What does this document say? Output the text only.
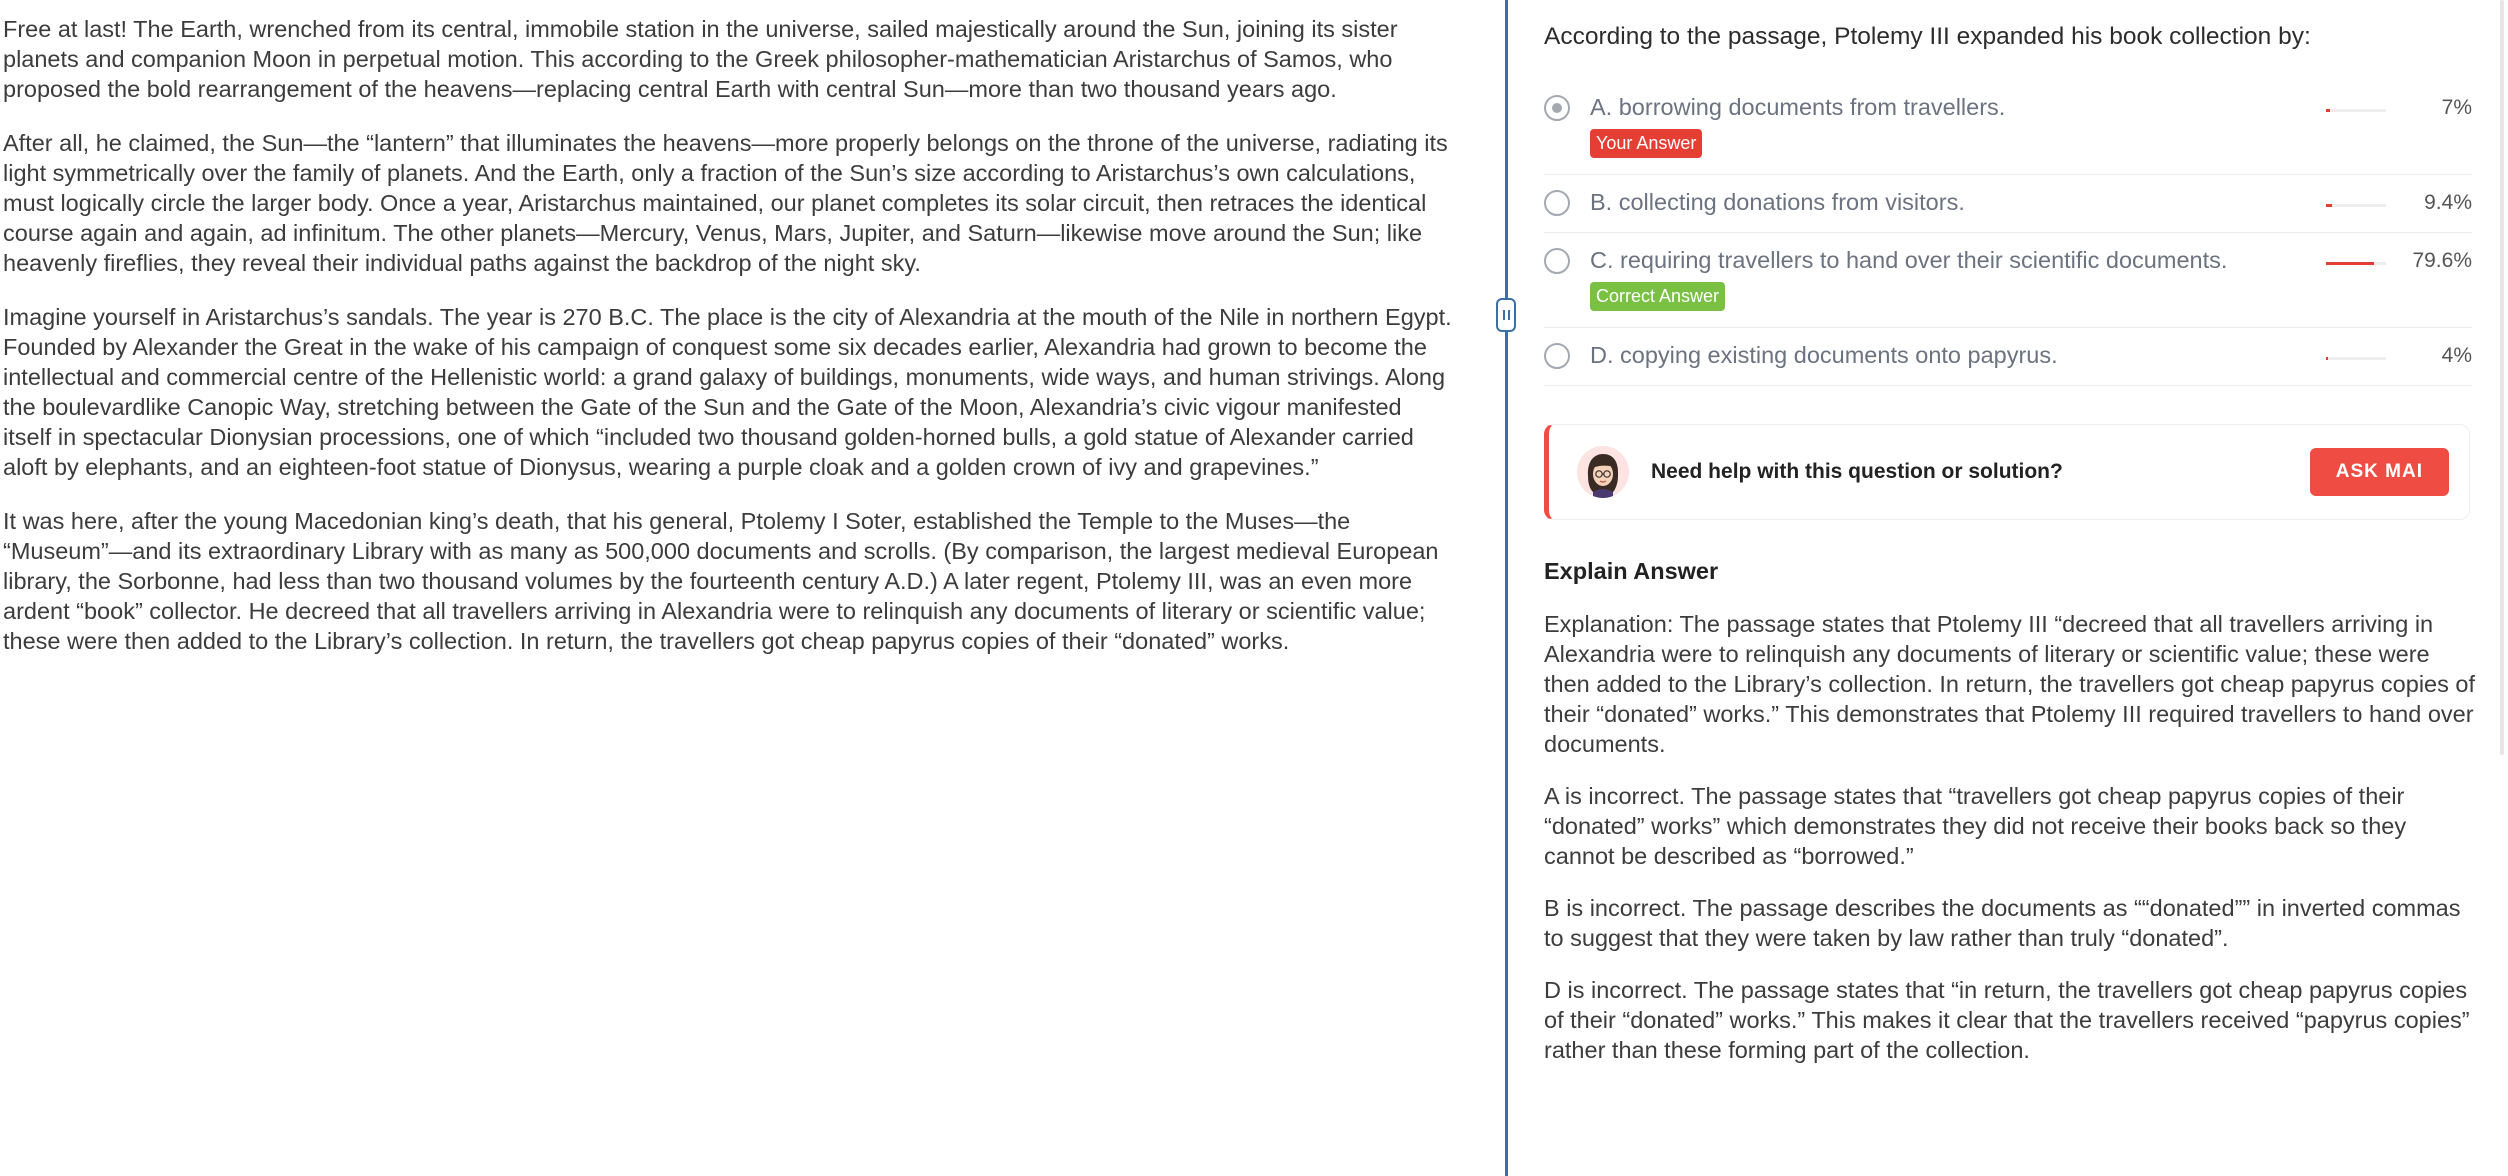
Free at last! The Earth, wrenched from its central, immobile station in the universe, sailed majestically around the Sun, joining its sister planets and companion Moon in perpetual motion. This according to the Greek philosopher-mathematician Aristarchus of Samos, who proposed the bold rearrangement of the heavens—replacing central Earth with central Sun—more than two thousand years ago.

After all, he claimed, the Sun—the “lantern” that illuminates the heavens—more properly belongs on the throne of the universe, radiating its light symmetrically over the family of planets. And the Earth, only a fraction of the Sun’s size according to Aristarchus’s own calculations, must logically circle the larger body. Once a year, Aristarchus maintained, our planet completes its solar circuit, then retraces the identical course again and again, ad infinitum. The other planets—Mercury, Venus, Mars, Jupiter, and Saturn—likewise move around the Sun; like heavenly fireflies, they reveal their individual paths against the backdrop of the night sky.

Imagine yourself in Aristarchus’s sandals. The year is 270 B.C. The place is the city of Alexandria at the mouth of the Nile in northern Egypt. Founded by Alexander the Great in the wake of his campaign of conquest some six decades earlier, Alexandria had grown to become the intellectual and commercial centre of the Hellenistic world: a grand galaxy of buildings, monuments, wide ways, and human strivings. Along the boulevardlike Canopic Way, stretching between the Gate of the Sun and the Gate of the Moon, Alexandria’s civic vigour manifested itself in spectacular Dionysian processions, one of which “included two thousand golden-horned bulls, a gold statue of Alexander carried aloft by elephants, and an eighteen-foot statue of Dionysus, wearing a purple cloak and a golden crown of ivy and grapevines.”

It was here, after the young Macedonian king’s death, that his general, Ptolemy I Soter, established the Temple to the Muses—the “Museum”—and its extraordinary Library with as many as 500,000 documents and scrolls. (By comparison, the largest medieval European library, the Sorbonne, had less than two thousand volumes by the fourteenth century A.D.) A later regent, Ptolemy III, was an even more ardent “book” collector. He decreed that all travellers arriving in Alexandria were to relinquish any documents of literary or scientific value; these were then added to the Library’s collection. In return, the travellers got cheap papyrus copies of their “donated” works.

According to the passage, Ptolemy III expanded his book collection by:
A. borrowing documents from travellers.	7%
Your Answer
B. collecting donations from visitors.	9.4%
C. requiring travellers to hand over their scientific documents.	79.6%
Correct Answer
D. copying existing documents onto papyrus.	4%
Need help with this question or solution?	ASK MAI
Explain Answer

Explanation: The passage states that Ptolemy III “decreed that all travellers arriving in Alexandria were to relinquish any documents of literary or scientific value; these were then added to the Library’s collection. In return, the travellers got cheap papyrus copies of their “donated” works.” This demonstrates that Ptolemy III required travellers to hand over documents.

A is incorrect. The passage states that “travellers got cheap papyrus copies of their “donated” works” which demonstrates they did not receive their books back so they cannot be described as “borrowed.”

B is incorrect. The passage describes the documents as ““donated”” in inverted commas to suggest that they were taken by law rather than truly “donated”.

D is incorrect. The passage states that “in return, the travellers got cheap papyrus copies of their “donated” works.” This makes it clear that the travellers received “papyrus copies” rather than these forming part of the collection.
